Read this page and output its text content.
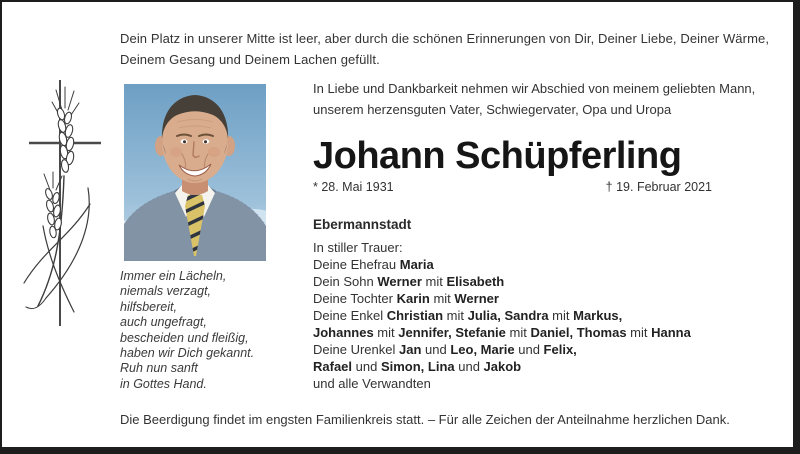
Dein Platz in unserer Mitte ist leer, aber durch die schönen Erinnerungen von Dir, Deiner Liebe, Deiner Wärme,
Deinem Gesang und Deinem Lachen gefüllt.
Immer ein Lächeln,
niemals verzagt,
hilfsbereit,
auch ungefragt,
bescheiden und fleißig,
haben wir Dich gekannt.
Ruh nun sanft
in Gottes Hand.
In Liebe und Dankbarkeit nehmen wir Abschied von meinem geliebten Mann,
unserem herzensguten Vater, Schwiegervater, Opa und Uropa
Johann Schüpferling
* 28. Mai 1931	† 19. Februar 2021
Ebermannstadt
In stiller Trauer:
Deine Ehefrau Maria
Dein Sohn Werner mit Elisabeth
Deine Tochter Karin mit Werner
Deine Enkel Christian mit Julia, Sandra mit Markus,
Johannes mit Jennifer, Stefanie mit Daniel, Thomas mit Hanna
Deine Urenkel Jan und Leo, Marie und Felix,
Rafael und Simon, Lina und Jakob
und alle Verwandten
Die Beerdigung findet im engsten Familienkreis statt. – Für alle Zeichen der Anteilnahme herzlichen Dank.
